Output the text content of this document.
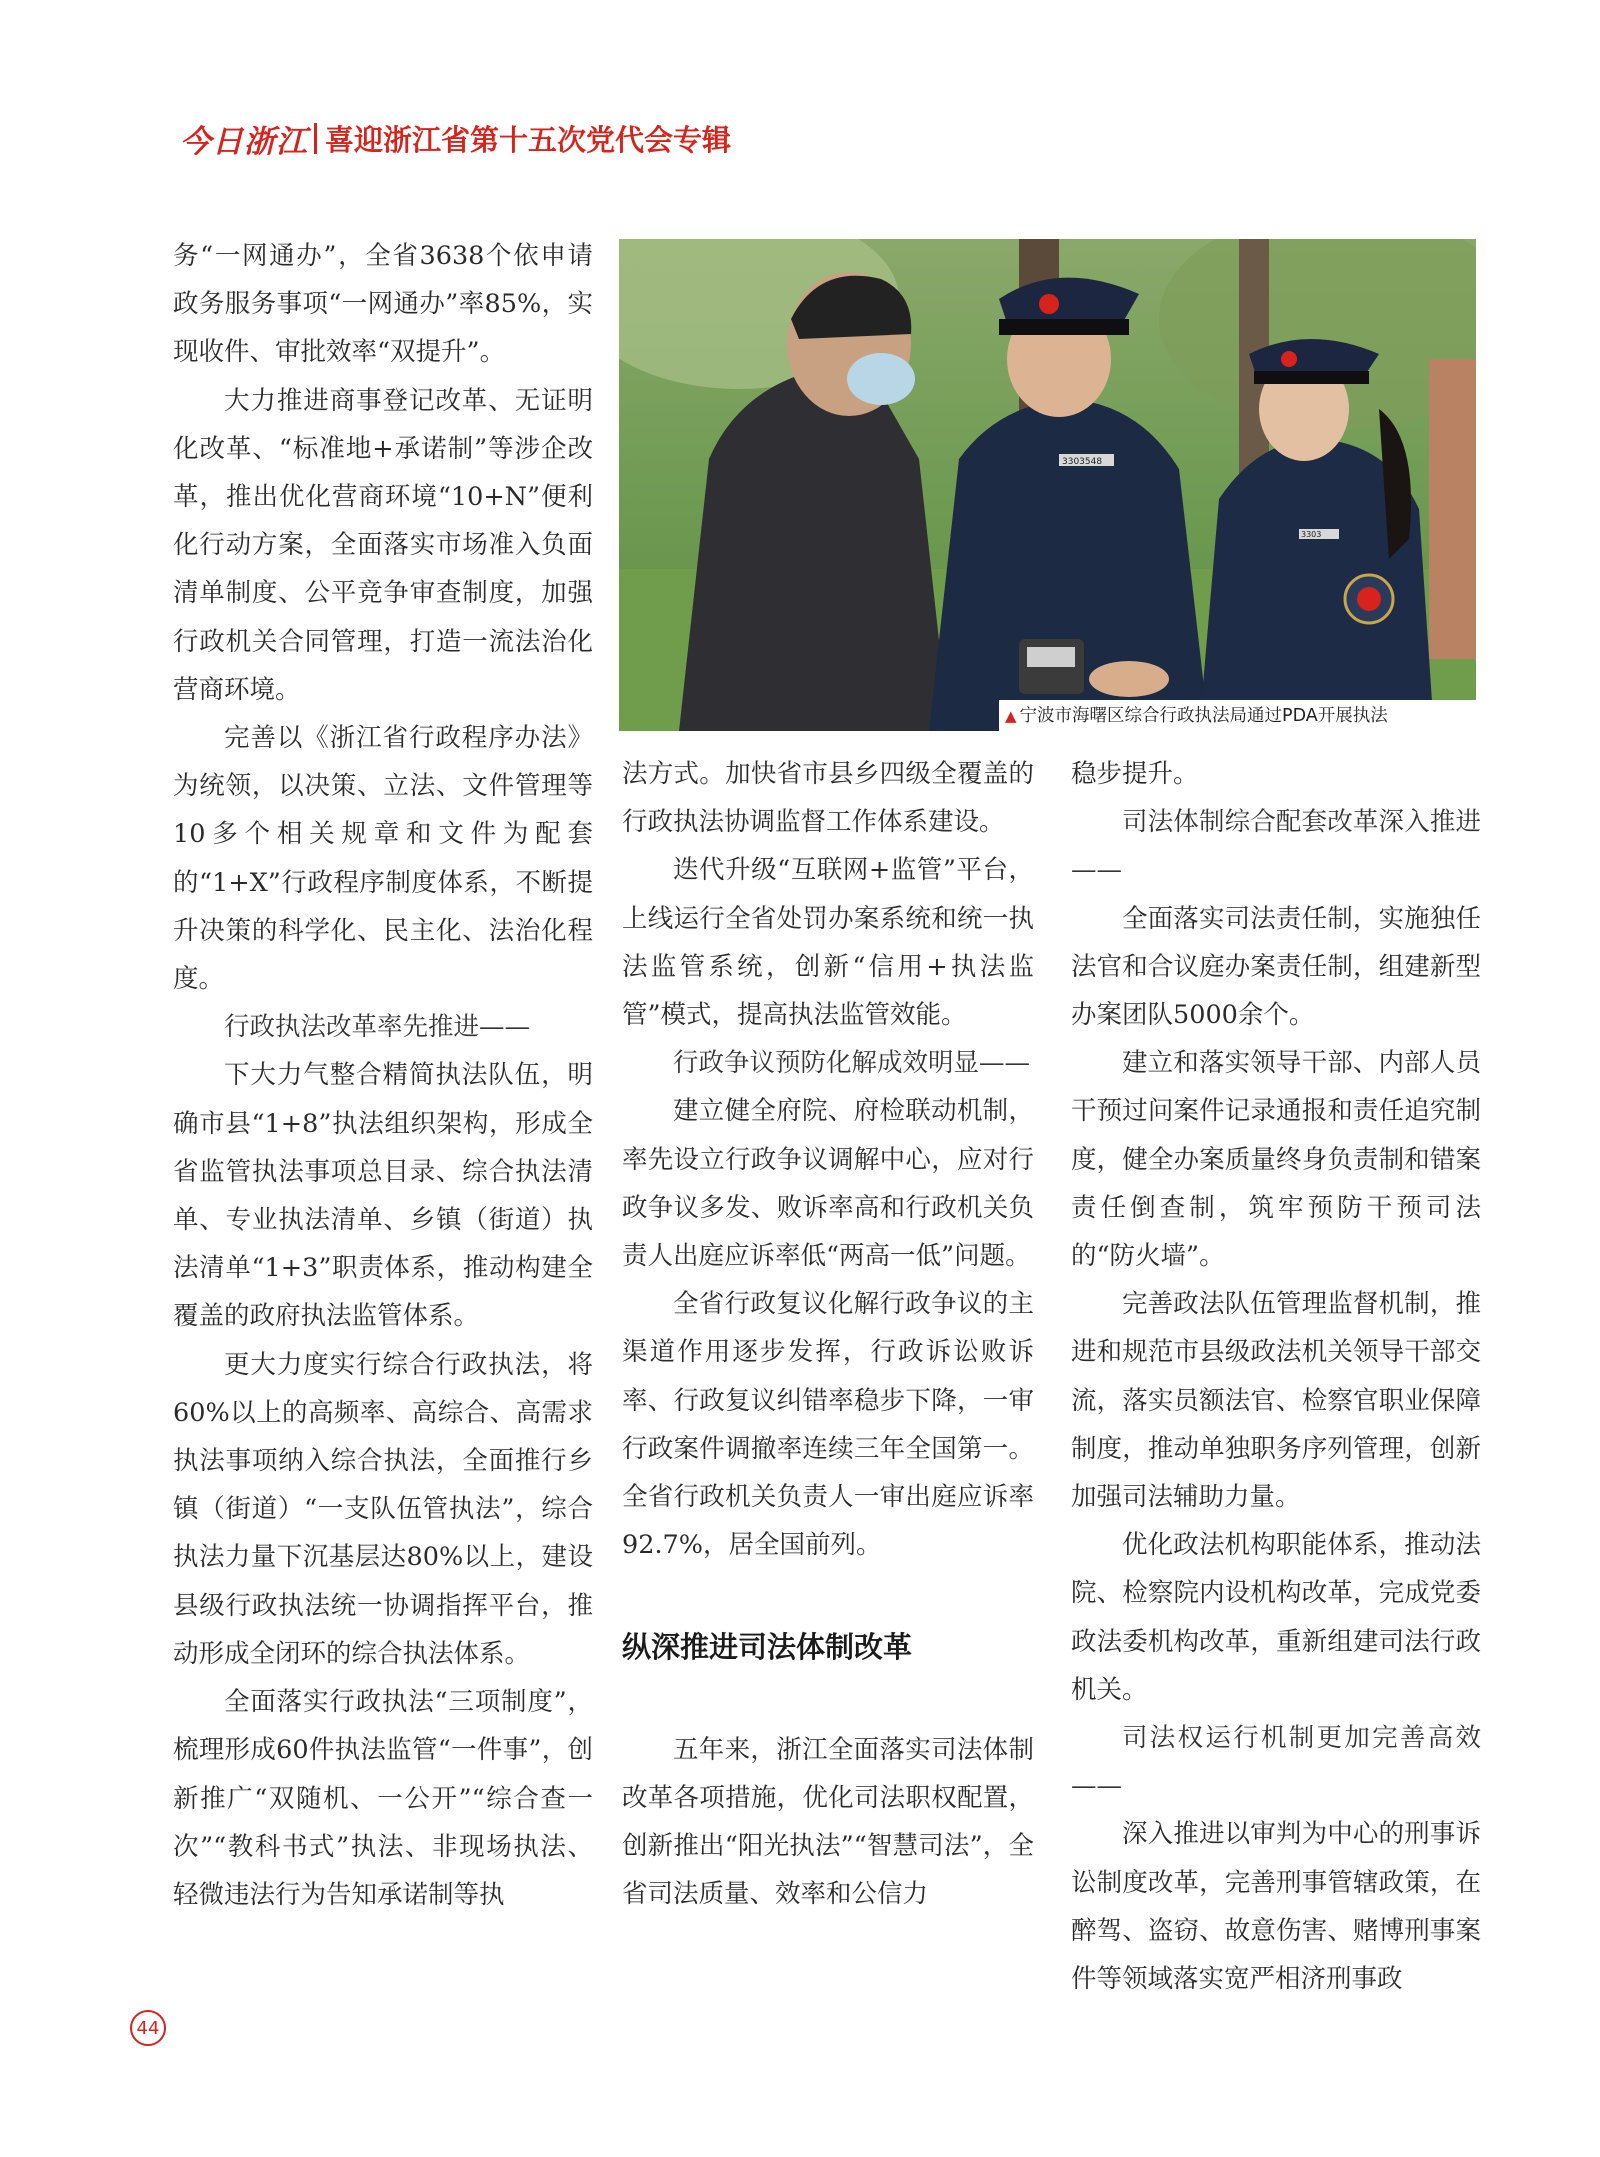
今日浙江 喜迎浙江省第十五次党代会专辑

务“一网通办”，全省3638个依申请政务服务事项“一网通办”率85%，实现收件、审批效率“双提升”。

大力推进商事登记改革、无证明化改革、“标准地+承诺制”等涉企改革，推出优化营商环境“10+N”便利化行动方案，全面落实市场准入负面清单制度、公平竞争审查制度，加强行政机关合同管理，打造一流法治化营商环境。

完善以《浙江省行政程序办法》为统领，以决策、立法、文件管理等10多个相关规章和文件为配套的“1+X”行政程序制度体系，不断提升决策的科学化、民主化、法治化程度。

行政执法改革率先推进——

下大力气整合精简执法队伍，明确市县“1+8”执法组织架构，形成全省监管执法事项总目录、综合执法清单、专业执法清单、乡镇（街道）执法清单“1+3”职责体系，推动构建全覆盖的政府执法监管体系。

更大力度实行综合行政执法，将60%以上的高频率、高综合、高需求执法事项纳入综合执法，全面推行乡镇（街道）“一支队伍管执法”，综合执法力量下沉基层达80%以上，建设县级行政执法统一协调指挥平台，推动形成全闭环的综合执法体系。

全面落实行政执法“三项制度”，梳理形成60件执法监管“一件事”，创新推广“双随机、一公开”“综合查一次”“教科书式”执法、非现场执法、轻微违法行为告知承诺制等执

3303548
3303
▲ 宁波市海曙区综合行政执法局通过PDA开展执法

法方式。加快省市县乡四级全覆盖的行政执法协调监督工作体系建设。

迭代升级“互联网+监管”平台，上线运行全省处罚办案系统和统一执法监管系统，创新“信用+执法监管”模式，提高执法监管效能。

行政争议预防化解成效明显——

建立健全府院、府检联动机制，率先设立行政争议调解中心，应对行政争议多发、败诉率高和行政机关负责人出庭应诉率低“两高一低”问题。

全省行政复议化解行政争议的主渠道作用逐步发挥，行政诉讼败诉率、行政复议纠错率稳步下降，一审行政案件调撤率连续三年全国第一。全省行政机关负责人一审出庭应诉率92.7%，居全国前列。

纵深推进司法体制改革

五年来，浙江全面落实司法体制改革各项措施，优化司法职权配置，创新推出“阳光执法”“智慧司法”，全省司法质量、效率和公信力

稳步提升。

司法体制综合配套改革深入推进——

全面落实司法责任制，实施独任法官和合议庭办案责任制，组建新型办案团队5000余个。

建立和落实领导干部、内部人员干预过问案件记录通报和责任追究制度，健全办案质量终身负责制和错案责任倒查制，筑牢预防干预司法的“防火墙”。

完善政法队伍管理监督机制，推进和规范市县级政法机关领导干部交流，落实员额法官、检察官职业保障制度，推动单独职务序列管理，创新加强司法辅助力量。

优化政法机构职能体系，推动法院、检察院内设机构改革，完成党委政法委机构改革，重新组建司法行政机关。

司法权运行机制更加完善高效——

深入推进以审判为中心的刑事诉讼制度改革，完善刑事管辖政策，在醉驾、盗窃、故意伤害、赌博刑事案件等领域落实宽严相济刑事政

44
